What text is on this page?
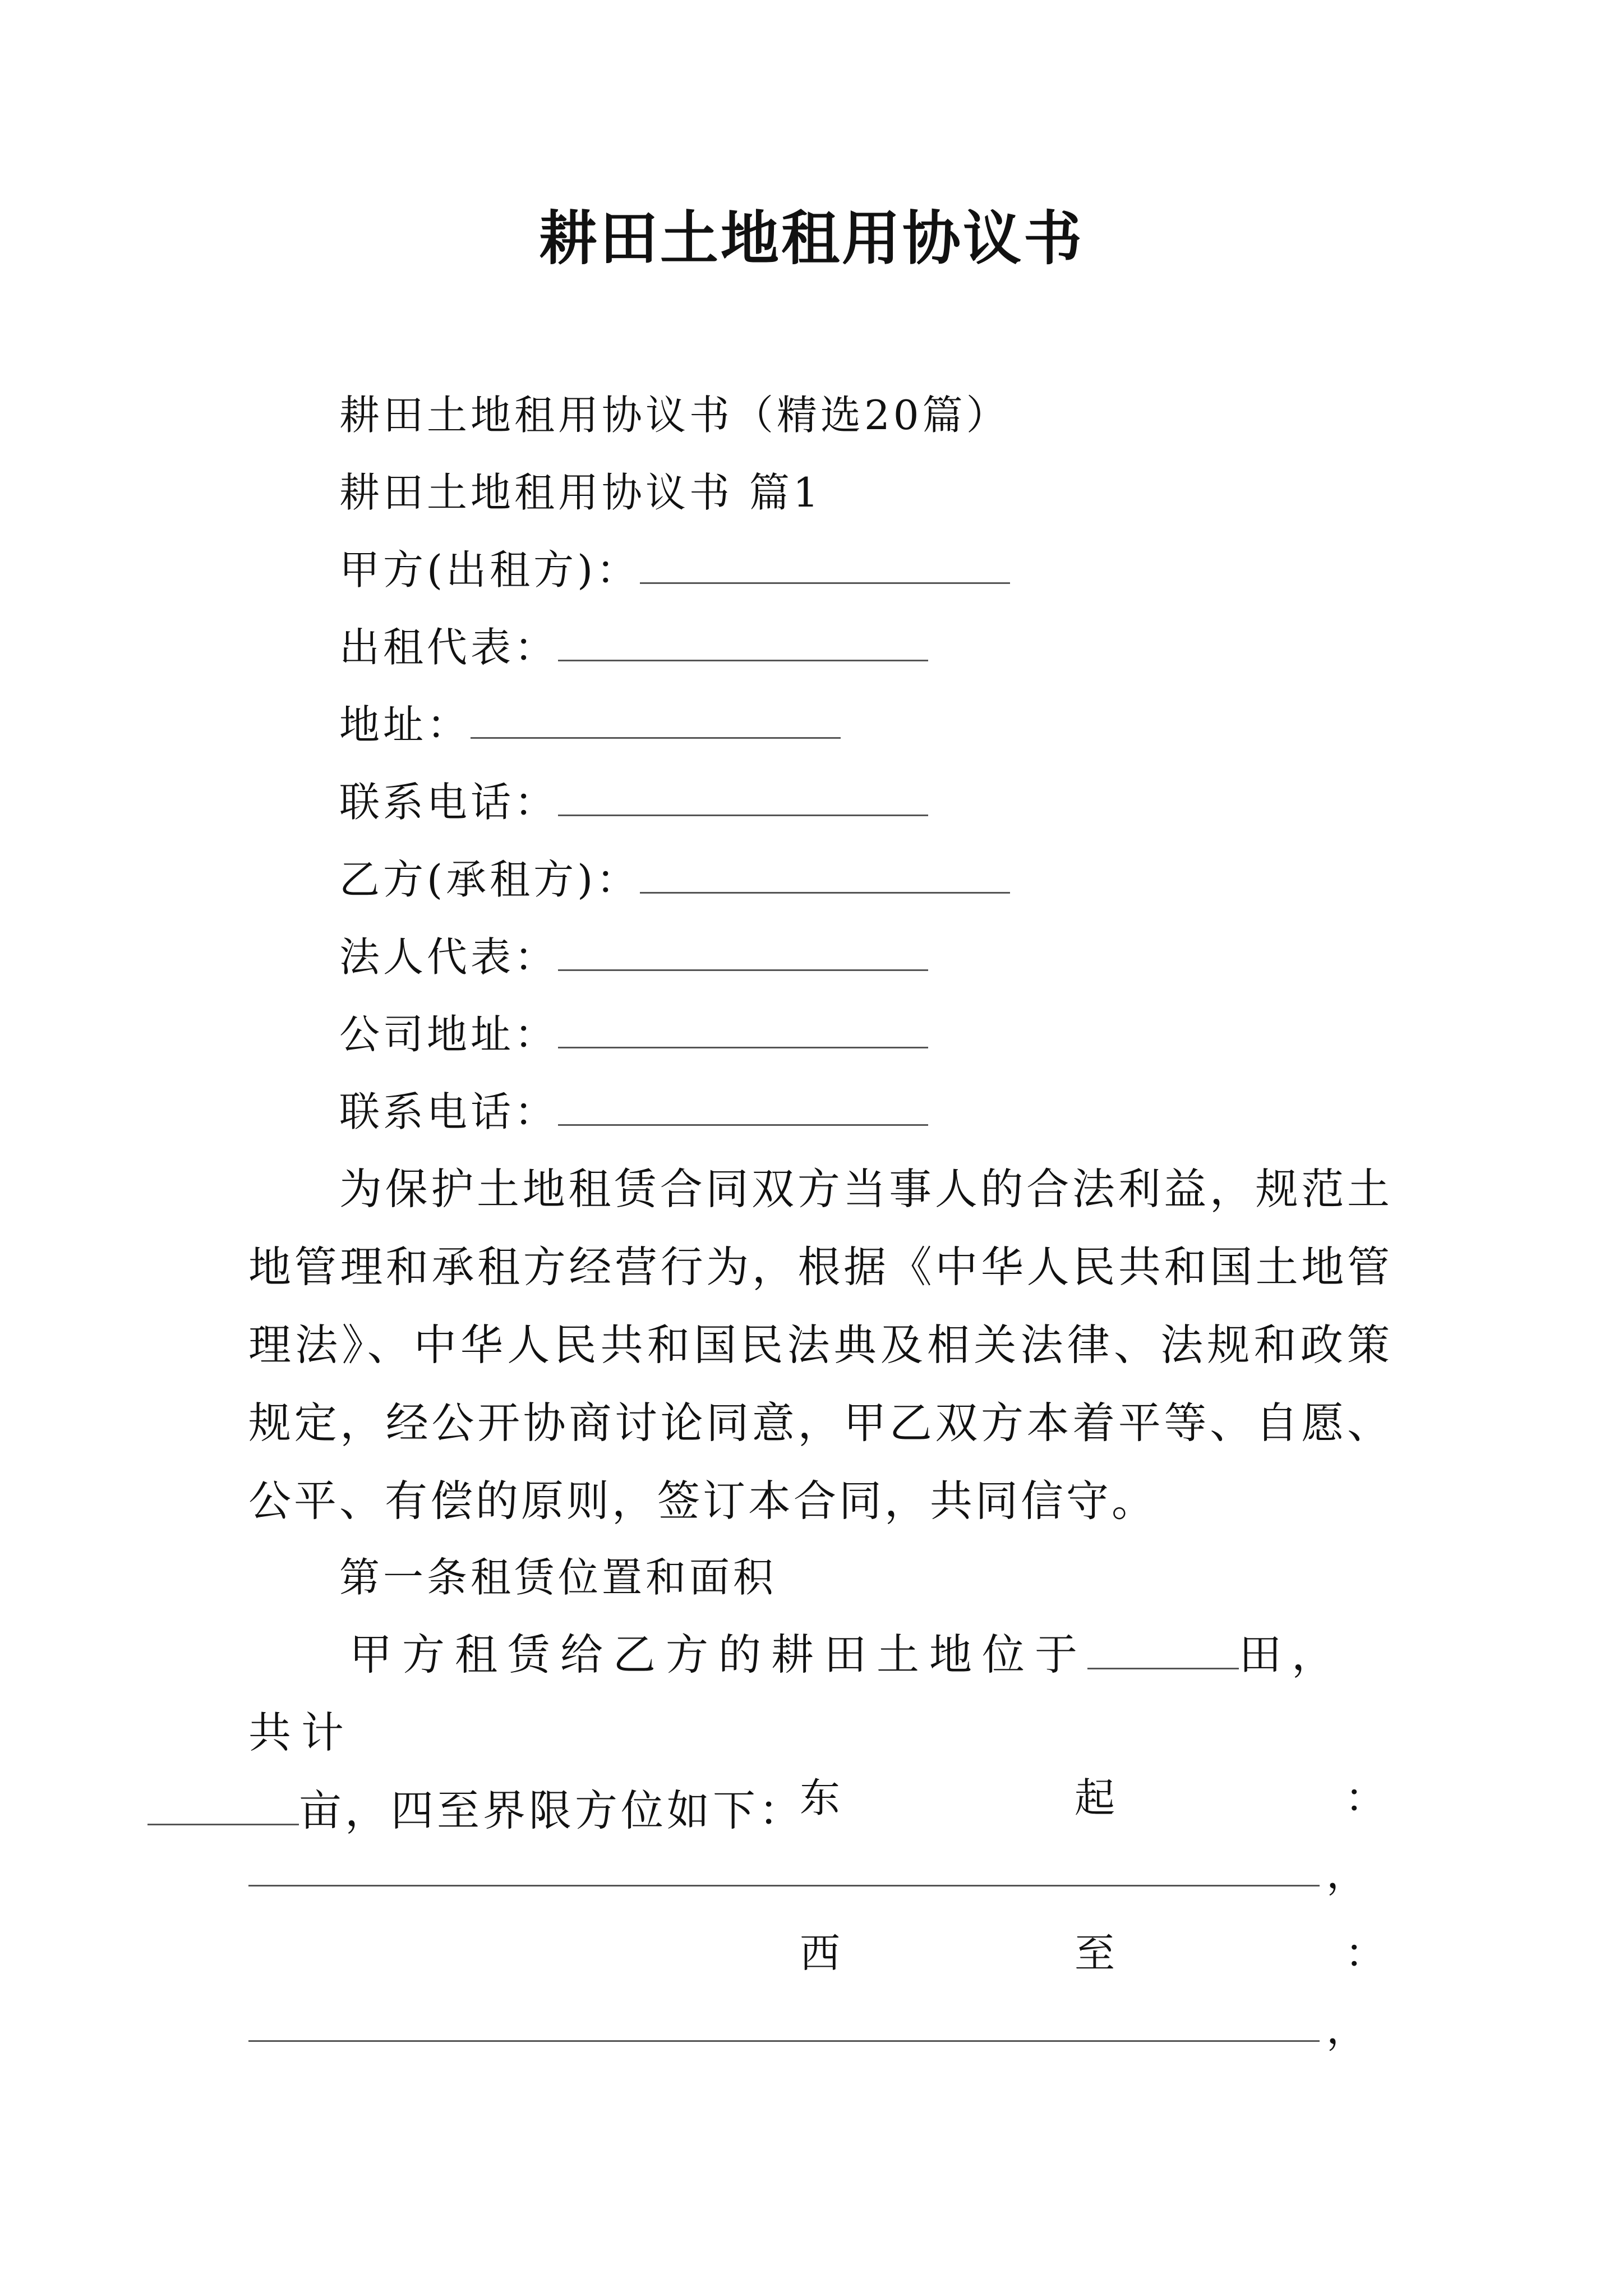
耕田土地租用协议书
耕田土地租用协议书（精选20篇）
耕田土地租用协议书 篇1
甲方(出租方)：
出租代表：
地址：
联系电话：
乙方(承租方)：
法人代表：
公司地址：
联系电话：
为保护土地租赁合同双方当事人的合法利益，规范土地管理和承租方经营行为，根据《中华人民共和国土地管理法》、中华人民共和国民法典及相关法律、法规和政策规定，经公开协商讨论同意，甲乙双方本着平等、自愿、公平、有偿的原则，签订本合同，共同信守。
第一条租赁位置和面积
甲方租赁给乙方的耕田土地位于	田，共计
亩，四至界限方位如下：
东	起	：
，
西	至	：
，
